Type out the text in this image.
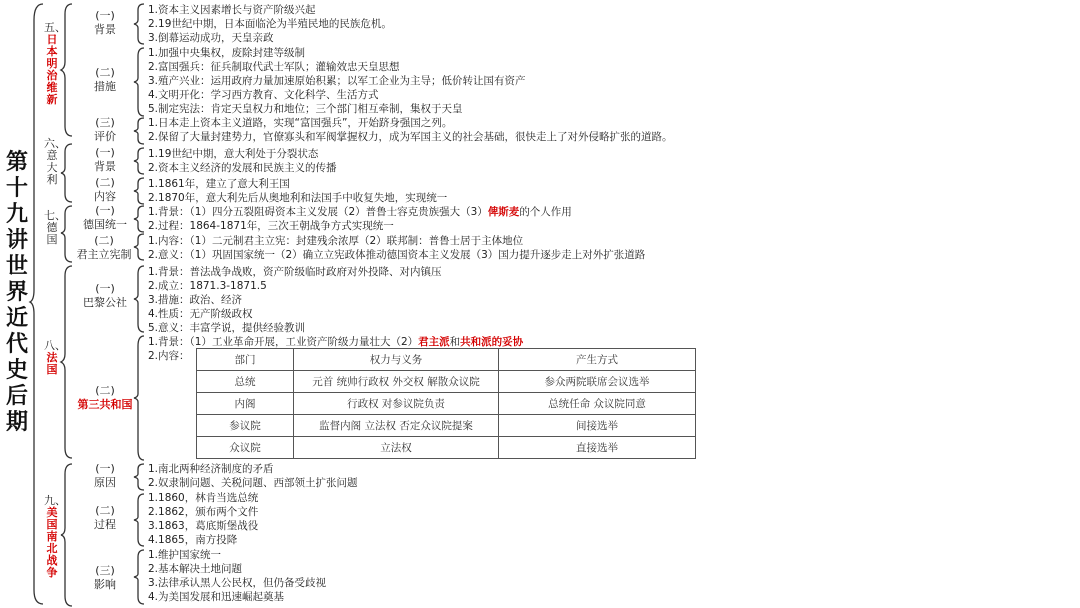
第十九讲 世界近代史后期
五、
日本明治维新
六、
意大利
七、
德国
八、
法国
九、
美国南北战争
(一)
背景
(二)
措施
(三)
评价
(一)
背景
(二)
内容
(一)
德国统一
(二)
君主立宪制
(一)
巴黎公社
(二)
第三共和国
(一)
原因
(二)
过程
(三)
影响
1.资本主义因素增长与资产阶级兴起
2.19世纪中期，日本面临沦为半殖民地的民族危机。
3.倒幕运动成功，天皇亲政
1.加强中央集权，废除封建等级制
2.富国强兵：征兵制取代武士军队；灌输效忠天皇思想
3.殖产兴业：运用政府力量加速原始积累；以军工企业为主导；低价转让国有资产
4.文明开化：学习西方教育、文化科学、生活方式
5.制定宪法：肯定天皇权力和地位；三个部门相互牵制，集权于天皇
1.日本走上资本主义道路，实现“富国强兵”，开始跻身强国之列。
2.保留了大量封建势力，官僚寡头和军阀掌握权力，成为军国主义的社会基础，很快走上了对外侵略扩张的道路。
1.19世纪中期，意大利处于分裂状态
2.资本主义经济的发展和民族主义的传播
1.1861年，建立了意大利王国
2.1870年，意大利先后从奥地利和法国手中收复失地，实现统一
1.背景：（1）四分五裂阻碍资本主义发展（2）普鲁士容克贵族强大（3）俾斯麦的个人作用
2.过程：1864-1871年，三次王朝战争方式实现统一
1.内容：（1）二元制君主立宪：封建残余浓厚（2）联邦制：普鲁士居于主体地位
2.意义：（1）巩固国家统一（2）确立立宪政体推动德国资本主义发展（3）国力提升逐步走上对外扩张道路
1.背景：普法战争战败，资产阶级临时政府对外投降、对内镇压
2.成立：1871.3-1871.5
3.措施：政治、经济
4.性质：无产阶级政权
5.意义：丰富学说，提供经验教训
1.背景：（1）工业革命开展，工业资产阶级力量壮大（2）君主派和共和派的妥协
2.内容：	部门	权力与义务	产生方式
总统	元首 统帅行政权 外交权 解散众议院	参众两院联席会议选举
内阁	行政权 对参议院负责	总统任命 众议院同意
参议院	监督内阁 立法权 否定众议院提案	间接选举
众议院	立法权	直接选举
1.南北两种经济制度的矛盾
2.奴隶制问题、关税问题、西部领土扩张问题
1.1860，林肯当选总统
2.1862，颁布两个文件
3.1863，葛底斯堡战役
4.1865，南方投降
1.维护国家统一
2.基本解决土地问题
3.法律承认黑人公民权，但仍备受歧视
4.为美国发展和迅速崛起奠基
